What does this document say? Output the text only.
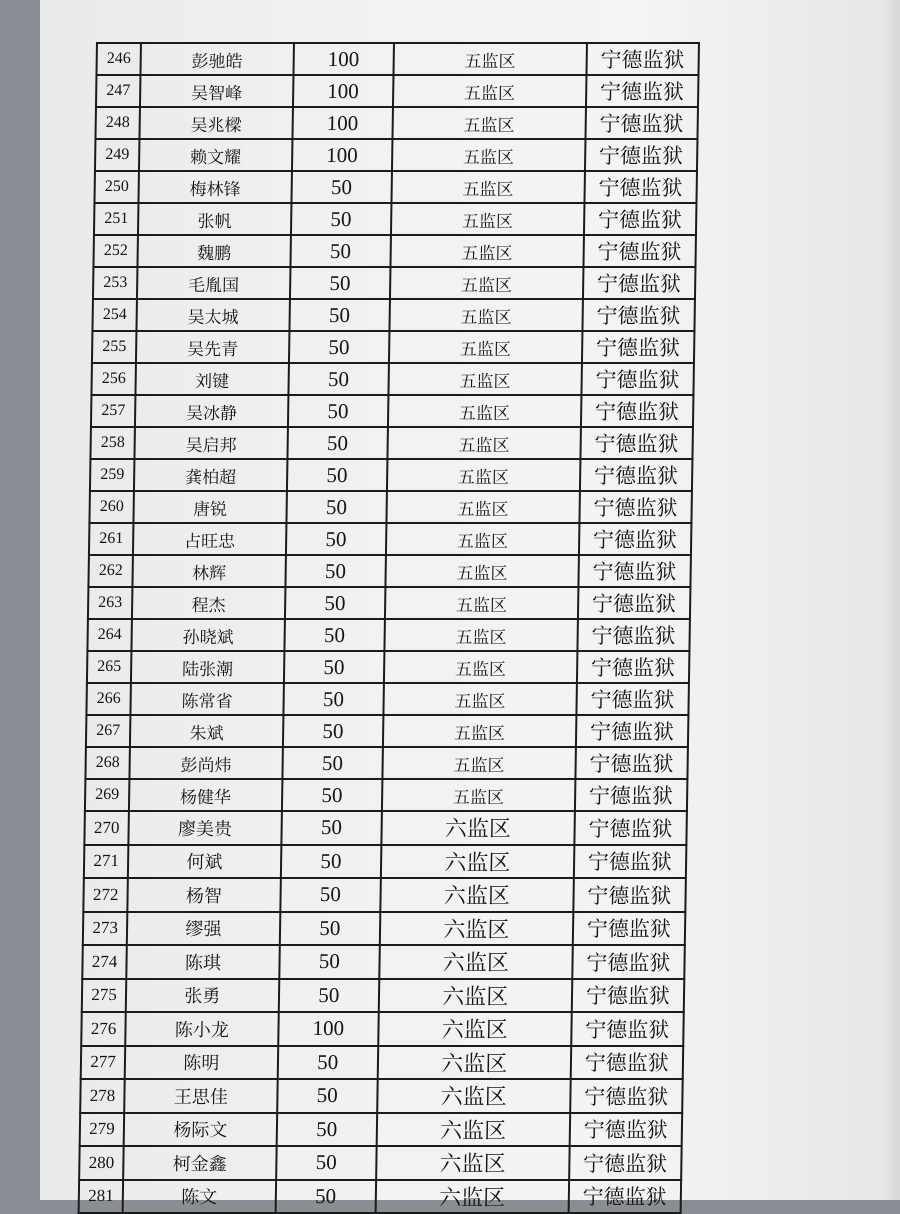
246	彭驰皓	100	五监区	宁德监狱
247	吴智峰	100	五监区	宁德监狱
248	吴兆樑	100	五监区	宁德监狱
249	赖文耀	100	五监区	宁德监狱
250	梅林锋	50	五监区	宁德监狱
251	张帆	50	五监区	宁德监狱
252	魏鹏	50	五监区	宁德监狱
253	毛胤国	50	五监区	宁德监狱
254	吴太城	50	五监区	宁德监狱
255	吴先青	50	五监区	宁德监狱
256	刘键	50	五监区	宁德监狱
257	吴冰静	50	五监区	宁德监狱
258	吴启邦	50	五监区	宁德监狱
259	龚柏超	50	五监区	宁德监狱
260	唐锐	50	五监区	宁德监狱
261	占旺忠	50	五监区	宁德监狱
262	林辉	50	五监区	宁德监狱
263	程杰	50	五监区	宁德监狱
264	孙晓斌	50	五监区	宁德监狱
265	陆张潮	50	五监区	宁德监狱
266	陈常省	50	五监区	宁德监狱
267	朱斌	50	五监区	宁德监狱
268	彭尚炜	50	五监区	宁德监狱
269	杨健华	50	五监区	宁德监狱
270	廖美贵	50	六监区	宁德监狱
271	何斌	50	六监区	宁德监狱
272	杨智	50	六监区	宁德监狱
273	缪强	50	六监区	宁德监狱
274	陈琪	50	六监区	宁德监狱
275	张勇	50	六监区	宁德监狱
276	陈小龙	100	六监区	宁德监狱
277	陈明	50	六监区	宁德监狱
278	王思佳	50	六监区	宁德监狱
279	杨际文	50	六监区	宁德监狱
280	柯金鑫	50	六监区	宁德监狱
281	陈文	50	六监区	宁德监狱
